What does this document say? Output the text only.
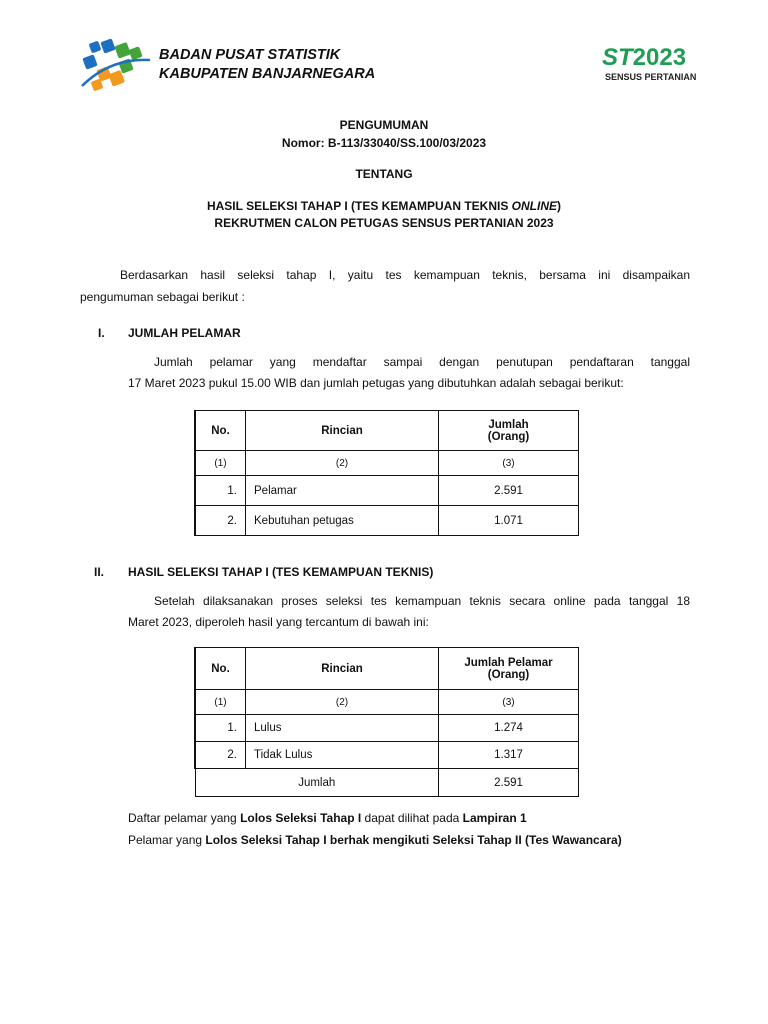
BADAN PUSAT STATISTIK
KABUPATEN BANJARNEGARA
ST2023
SENSUS PERTANIAN
PENGUMUMAN
Nomor: B-113/33040/SS.100/03/2023
TENTANG
HASIL SELEKSI TAHAP I (TES KEMAMPUAN TEKNIS ONLINE)
REKRUTMEN CALON PETUGAS SENSUS PERTANIAN 2023
Berdasarkan hasil seleksi tahap I, yaitu tes kemampuan teknis, bersama ini disampaikan
pengumuman sebagai berikut :
I. JUMLAH PELAMAR
Jumlah pelamar yang mendaftar sampai dengan penutupan pendaftaran tanggal
17 Maret 2023 pukul 15.00 WIB dan jumlah petugas yang dibutuhkan adalah sebagai berikut:
No.	Rincian	Jumlah
(Orang)

(1)	(2)	(3)
1.	Pelamar	2.591
2.	Kebutuhan petugas	1.071
II. HASIL SELEKSI TAHAP I (TES KEMAMPUAN TEKNIS)
Setelah dilaksanakan proses seleksi tes kemampuan teknis secara online pada tanggal 18
Maret 2023, diperoleh hasil yang tercantum di bawah ini:
No.	Rincian	Jumlah Pelamar
(Orang)

(1)	(2)	(3)
1.	Lulus	1.274
2.	Tidak Lulus	1.317
Jumlah		2.591
Daftar pelamar yang Lolos Seleksi Tahap I dapat dilihat pada Lampiran 1
Pelamar yang Lolos Seleksi Tahap I berhak mengikuti Seleksi Tahap II (Tes Wawancara)
